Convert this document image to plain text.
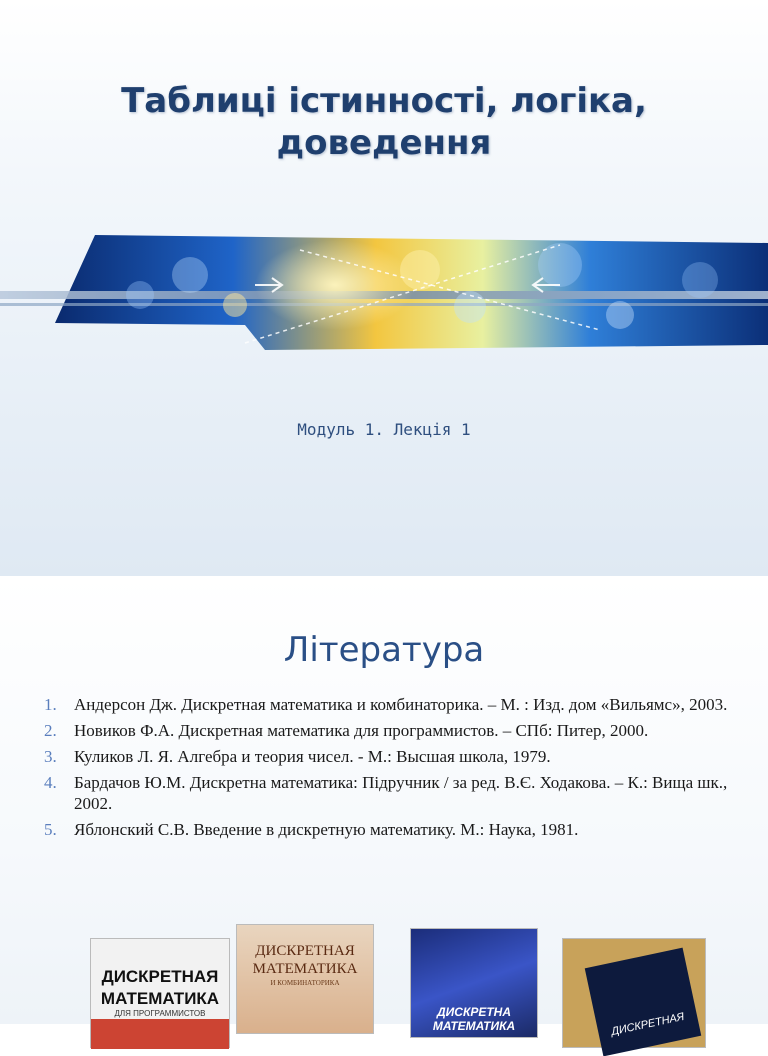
Таблиці істинності, логіка, доведення
Модуль 1. Лекція 1
Література
1. Андерсон Дж. Дискретная математика и комбинаторика. – М. : Изд. дом «Вильямс», 2003.
2. Новиков Ф.А. Дискретная математика для программистов. – СПб: Питер, 2000.
3. Куликов Л. Я. Алгебра и теория чисел. - М.: Высшая школа, 1979.
4. Бардачов Ю.М. Дискретна математика: Підручник / за ред. В.Є. Ходакова. – К.: Вища шк., 2002.
5. Яблонский С.В. Введение в дискретную математику. М.: Наука, 1981.
ДИСКРЕТНАЯ
МАТЕМАТИКА
ДЛЯ ПРОГРАММИСТОВ
ДИСКРЕТНАЯ
МАТЕМАТИКА
И КОМБИНАТОРИКА
ДИСКРЕТНА
МАТЕМАТИКА	ДИСКРЕТНАЯ
